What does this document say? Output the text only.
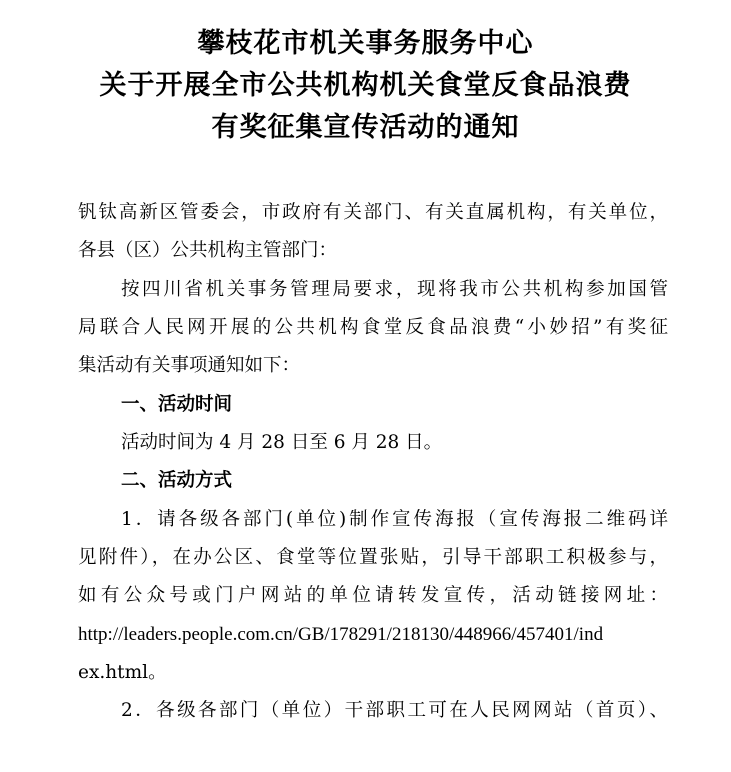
攀枝花市机关事务服务中心
关于开展全市公共机构机关食堂反食品浪费
有奖征集宣传活动的通知
钒钛高新区管委会，市政府有关部门、有关直属机构，有关单位，
各县（区）公共机构主管部门：
按四川省机关事务管理局要求，现将我市公共机构参加国管
局联合人民网开展的公共机构食堂反食品浪费“小妙招”有奖征
集活动有关事项通知如下：
一、活动时间
活动时间为 4 月 28 日至 6 月 28 日。
二、活动方式
1．请各级各部门(单位)制作宣传海报（宣传海报二维码详
见附件），在办公区、食堂等位置张贴，引导干部职工积极参与，
如有公众号或门户网站的单位请转发宣传，活动链接网址：
http://leaders.people.com.cn/GB/178291/218130/448966/457401/ind
ex.html。
2．各级各部门（单位）干部职工可在人民网网站（首页）、
